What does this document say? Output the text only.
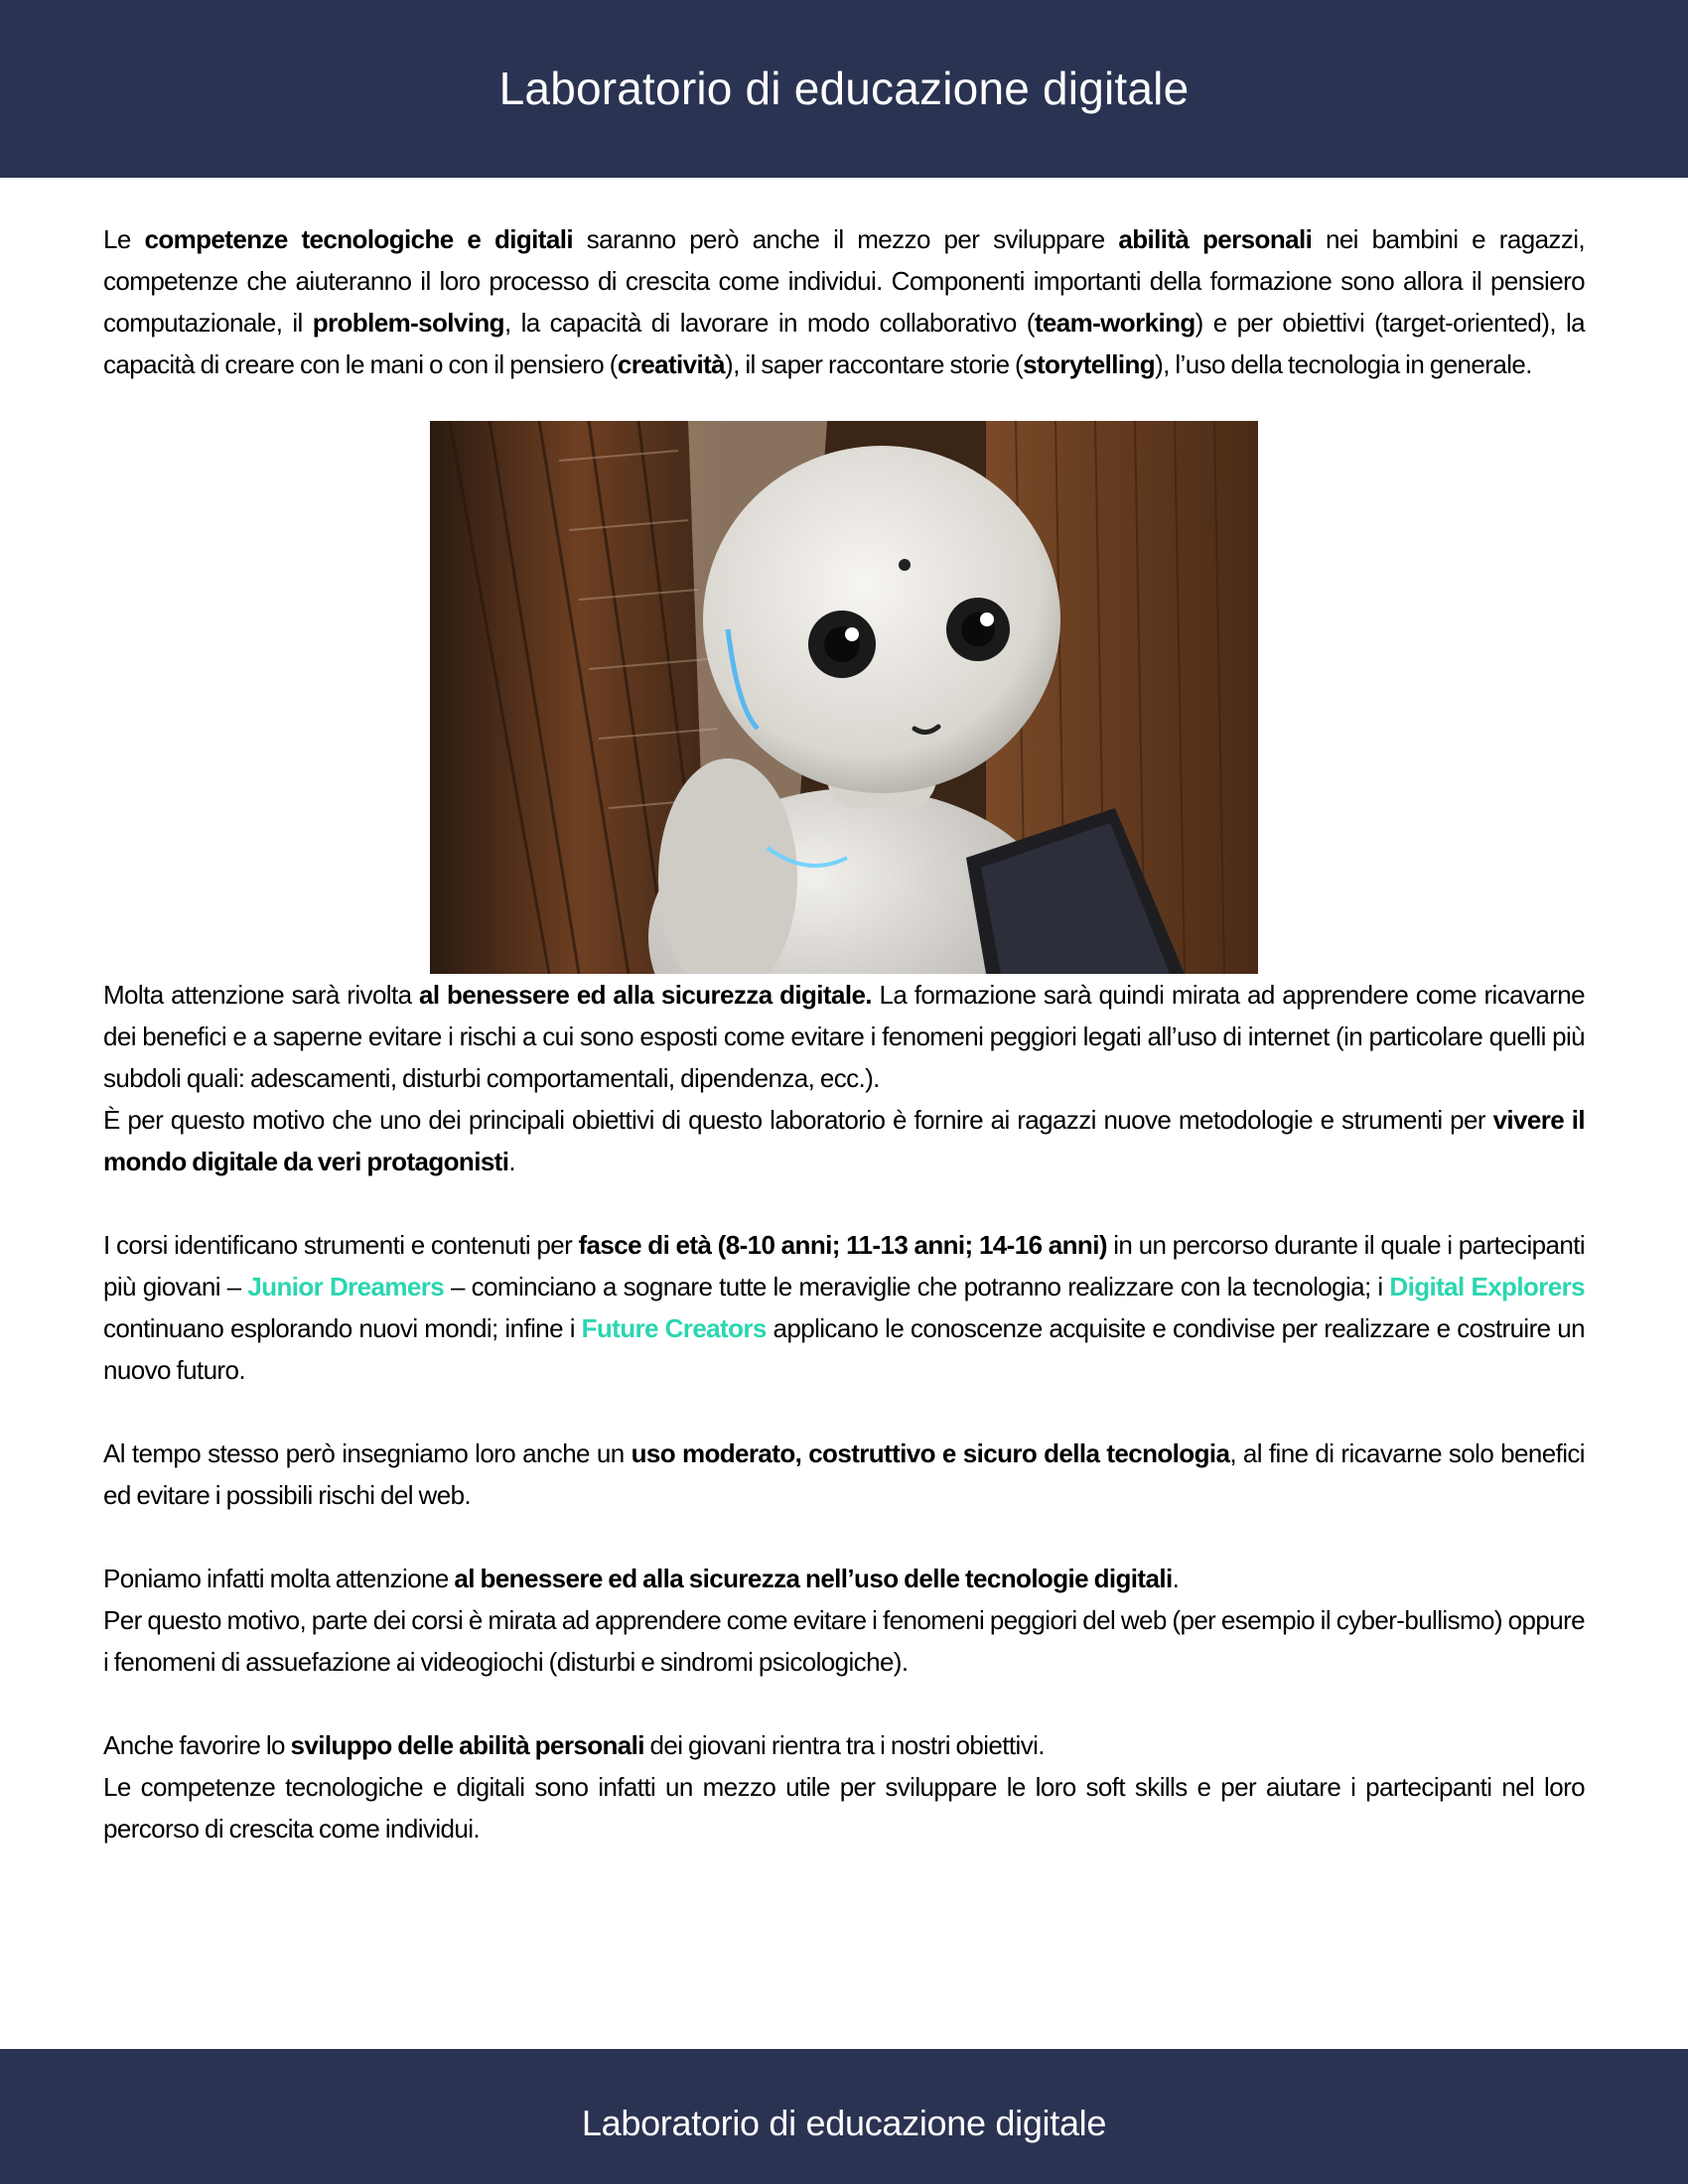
Laboratorio di educazione digitale

Le competenze tecnologiche e digitali saranno però anche il mezzo per sviluppare abilità personali nei bambini e ragazzi, competenze che aiuteranno il loro processo di crescita come individui. Componenti importanti della formazione sono allora il pensiero computazionale, il problem-solving, la capacità di lavorare in modo collaborativo (team-working) e per obiettivi (target-oriented), la capacità di creare con le mani o con il pensiero (creatività), il saper raccontare storie (storytelling), l’uso della tecnologia in generale.

Molta attenzione sarà rivolta al benessere ed alla sicurezza digitale. La formazione sarà quindi mirata ad apprendere come ricavarne dei benefici e a saperne evitare i rischi a cui sono esposti come evitare i fenomeni peggiori legati all’uso di internet (in particolare quelli più subdoli quali: adescamenti, disturbi comportamentali, dipendenza, ecc.).

È per questo motivo che uno dei principali obiettivi di questo laboratorio è fornire ai ragazzi nuove metodologie e strumenti per vivere il mondo digitale da veri protagonisti.

I corsi identificano strumenti e contenuti per fasce di età (8-10 anni; 11-13 anni; 14-16 anni) in un percorso durante il quale i partecipanti più giovani – Junior Dreamers – cominciano a sognare tutte le meraviglie che potranno realizzare con la tecnologia; i Digital Explorers continuano esplorando nuovi mondi; infine i Future Creators applicano le conoscenze acquisite e condivise per realizzare e costruire un nuovo futuro.

Al tempo stesso però insegniamo loro anche un uso moderato, costruttivo e sicuro della tecnologia, al fine di ricavarne solo benefici ed evitare i possibili rischi del web.

Poniamo infatti molta attenzione al benessere ed alla sicurezza nell’uso delle tecnologie digitali.

Per questo motivo, parte dei corsi è mirata ad apprendere come evitare i fenomeni peggiori del web (per esempio il cyber-bullismo) oppure i fenomeni di assuefazione ai videogiochi (disturbi e sindromi psicologiche).

Anche favorire lo sviluppo delle abilità personali dei giovani rientra tra i nostri obiettivi.

Le competenze tecnologiche e digitali sono infatti un mezzo utile per sviluppare le loro soft skills e per aiutare i partecipanti nel loro percorso di crescita come individui.

Laboratorio di educazione digitale
